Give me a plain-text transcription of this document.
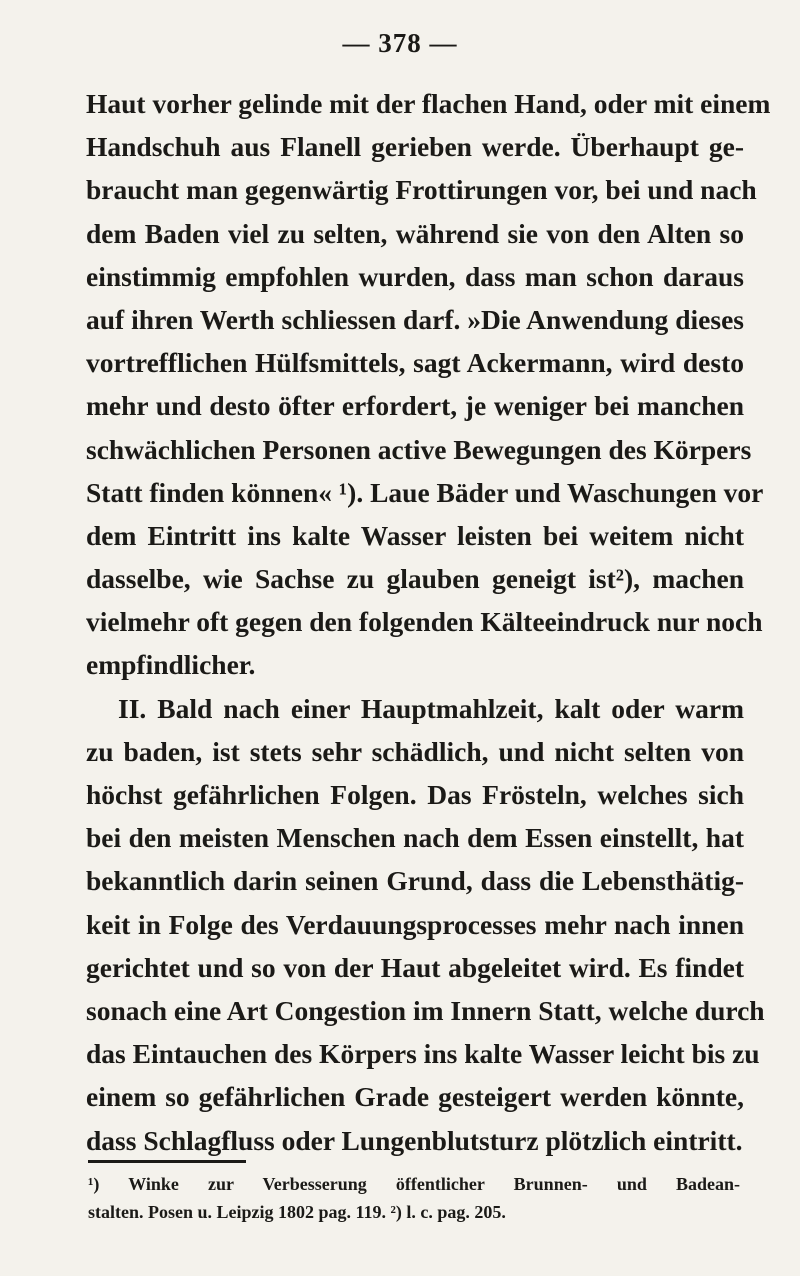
— 378 —
Haut vorher gelinde mit der flachen Hand, oder mit einem
Handschuh aus Flanell gerieben werde. Überhaupt ge-
braucht man gegenwärtig Frottirungen vor, bei und nach
dem Baden viel zu selten, während sie von den Alten so
einstimmig empfohlen wurden, dass man schon daraus
auf ihren Werth schliessen darf. »Die Anwendung dieses
vortrefflichen Hülfsmittels, sagt Ackermann, wird desto
mehr und desto öfter erfordert, je weniger bei manchen
schwächlichen Personen active Bewegungen des Körpers
Statt finden können« ¹). Laue Bäder und Waschungen vor
dem Eintritt ins kalte Wasser leisten bei weitem nicht
dasselbe, wie Sachse zu glauben geneigt ist²), machen
vielmehr oft gegen den folgenden Kälteeindruck nur noch
empfindlicher.
II. Bald nach einer Hauptmahlzeit, kalt oder warm
zu baden, ist stets sehr schädlich, und nicht selten von
höchst gefährlichen Folgen. Das Frösteln, welches sich
bei den meisten Menschen nach dem Essen einstellt, hat
bekanntlich darin seinen Grund, dass die Lebensthätig-
keit in Folge des Verdauungsprocesses mehr nach innen
gerichtet und so von der Haut abgeleitet wird. Es findet
sonach eine Art Congestion im Innern Statt, welche durch
das Eintauchen des Körpers ins kalte Wasser leicht bis zu
einem so gefährlichen Grade gesteigert werden könnte,
dass Schlagfluss oder Lungenblutsturz plötzlich eintritt.
¹) Winke zur Verbesserung öffentlicher Brunnen- und Badean-
stalten. Posen u. Leipzig 1802 pag. 119. ²) l. c. pag. 205.
